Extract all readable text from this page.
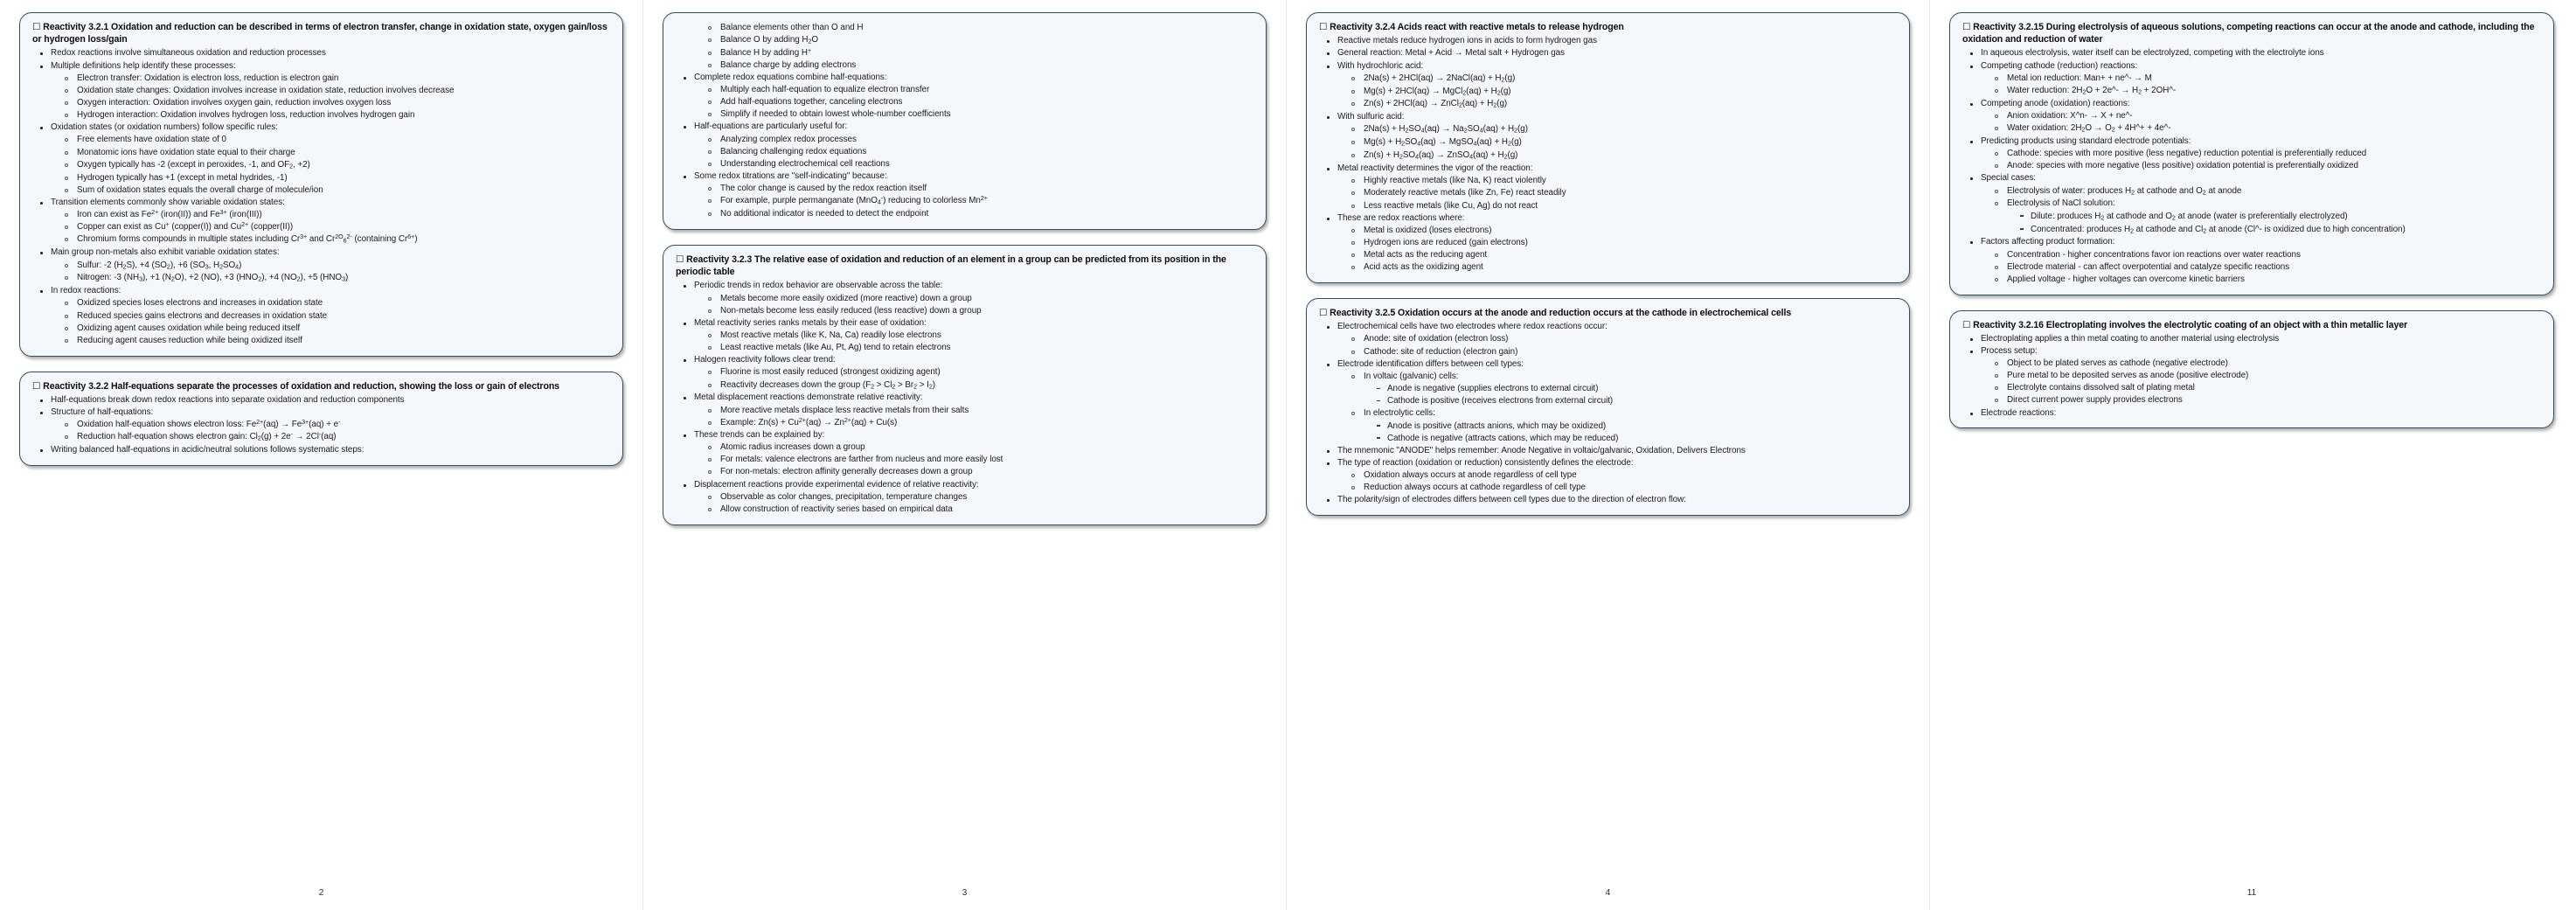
☐ Reactivity 3.2.1 Oxidation and reduction can be described in terms of electron transfer, change in oxidation state, oxygen gain/loss or hydrogen loss/gain
Redox reactions involve simultaneous oxidation and reduction processes
Multiple definitions help identify these processes:
Electron transfer: Oxidation is electron loss, reduction is electron gain
Oxidation state changes: Oxidation involves increase in oxidation state, reduction involves decrease
Oxygen interaction: Oxidation involves oxygen gain, reduction involves oxygen loss
Hydrogen interaction: Oxidation involves hydrogen loss, reduction involves hydrogen gain
Oxidation states (or oxidation numbers) follow specific rules:
Free elements have oxidation state of 0
Monatomic ions have oxidation state equal to their charge
Oxygen typically has -2 (except in peroxides, -1, and $OF_2$, +2)
Hydrogen typically has +1 (except in metal hydrides, -1)
Sum of oxidation states equals the overall charge of molecule/ion
Transition elements commonly show variable oxidation states:
Iron can exist as $Fe^{2+}$ (iron(II)) and $Fe^{3+}$ (iron(III))
Copper can exist as Cu+ (copper(I)) and $Cu^{2+}$ (copper(II))
Chromium forms compounds in multiple states including $Cr^{3+}$ and $Cr^{2O}_6^{2-}$ (containing $Cr^{6+}$)
Main group non-metals also exhibit variable oxidation states:
Sulfur: -2 $(H_2S)$, +4 $(SO_2)$, +6 ($SO_3$, $H_2SO_4$)
Nitrogen: -3 $(NH_3)$, +1 $(N_2O)$, +2 (NO), +3 $(HNO_2)$, +4 $(NO_2)$, +5 $(HNO_3)$
In redox reactions:
Oxidized species loses electrons and increases in oxidation state
Reduced species gains electrons and decreases in oxidation state
Oxidizing agent causes oxidation while being reduced itself
Reducing agent causes reduction while being oxidized itself
☐ Reactivity 3.2.2 Half-equations separate the processes of oxidation and reduction, showing the loss or gain of electrons
Half-equations break down redox reactions into separate oxidation and reduction components
Structure of half-equations:
Oxidation half-equation shows electron loss: $Fe^{2+}(aq) \to Fe^{3+}(aq) + e^-$
Reduction half-equation shows electron gain: $Cl_2(g) + 2e^- \to 2Cl^-(aq)$
Writing balanced half-equations in acidic/neutral solutions follows systematic steps:
2
Balance elements other than O and H
Balance O by adding $H_2O$
Balance H by adding H+
Balance charge by adding electrons
Complete redox equations combine half-equations:
Multiply each half-equation to equalize electron transfer
Add half-equations together, canceling electrons
Simplify if needed to obtain lowest whole-number coefficients
Half-equations are particularly useful for:
Analyzing complex redox processes
Balancing challenging redox equations
Understanding electrochemical cell reactions
Some redox titrations are "self-indicating" because:
The color change is caused by the redox reaction itself
For example, purple permanganate (MnO$_4$-) reducing to colorless $Mn^{2+}$
No additional indicator is needed to detect the endpoint
☐ Reactivity 3.2.3 The relative ease of oxidation and reduction of an element in a group can be predicted from its position in the periodic table
Periodic trends in redox behavior are observable across the table:
Metals become more easily oxidized (more reactive) down a group
Non-metals become less easily reduced (less reactive) down a group
Metal reactivity series ranks metals by their ease of oxidation:
Most reactive metals (like K, Na, Ca) readily lose electrons
Least reactive metals (like Au, Pt, Ag) tend to retain electrons
Halogen reactivity follows clear trend:
Fluorine is most easily reduced (strongest oxidizing agent)
Reactivity decreases down the group $(F_2 > Cl_2 > Br_2 > I_2)$
Metal displacement reactions demonstrate relative reactivity:
More reactive metals displace less reactive metals from their salts
Example: $Zn(s) + Cu^{2+}(aq) \to Zn^{2+}(aq) + Cu(s)$
These trends can be explained by:
Atomic radius increases down a group
For metals: valence electrons are farther from nucleus and more easily lost
For non-metals: electron affinity generally decreases down a group
Displacement reactions provide experimental evidence of relative reactivity:
Observable as color changes, precipitation, temperature changes
Allow construction of reactivity series based on empirical data
3
☐ Reactivity 3.2.4 Acids react with reactive metals to release hydrogen
Reactive metals reduce hydrogen ions in acids to form hydrogen gas
General reaction: Metal + Acid → Metal salt + Hydrogen gas
With hydrochloric acid:
2Na(s) + 2HCl(aq) → 2NaCl(aq) + $H_2(g)$
Mg(s) + 2HCl(aq) → MgCl$_2$(aq) + $H_2(g)$
Zn(s) + 2HCl(aq) → ZnCl$_2$(aq) + $H_2(g)$
With sulfuric acid:
$2Na(s) + H_2SO_4(aq) \to Na_2SO_4(aq) + H_2(g)$
$Mg(s) + H_2SO_4(aq)$ → MgSO$_4$(aq) + $H_2(g)$
$Zn(s) + H_2SO_4(aq)$ → ZnSO$_4$(aq) + $H_2(g)$
Metal reactivity determines the vigor of the reaction:
Highly reactive metals (like Na, K) react violently
Moderately reactive metals (like Zn, Fe) react steadily
Less reactive metals (like Cu, Ag) do not react
These are redox reactions where:
Metal is oxidized (loses electrons)
Hydrogen ions are reduced (gain electrons)
Metal acts as the reducing agent
Acid acts as the oxidizing agent
☐ Reactivity 3.2.5 Oxidation occurs at the anode and reduction occurs at the cathode in electrochemical cells
Electrochemical cells have two electrodes where redox reactions occur:
Anode: site of oxidation (electron loss)
Cathode: site of reduction (electron gain)
Electrode identification differs between cell types:
In voltaic (galvanic) cells:
Anode is negative (supplies electrons to external circuit)
Cathode is positive (receives electrons from external circuit)
In electrolytic cells:
Anode is positive (attracts anions, which may be oxidized)
Cathode is negative (attracts cations, which may be reduced)
The mnemonic "ANODE" helps remember: Anode Negative in voltaic/galvanic, Oxidation, Delivers Electrons
The type of reaction (oxidation or reduction) consistently defines the electrode:
Oxidation always occurs at anode regardless of cell type
Reduction always occurs at cathode regardless of cell type
The polarity/sign of electrodes differs between cell types due to the direction of electron flow:
4
☐ Reactivity 3.2.15 During electrolysis of aqueous solutions, competing reactions can occur at the anode and cathode, including the oxidation and reduction of water
In aqueous electrolysis, water itself can be electrolyzed, competing with the electrolyte ions
Competing cathode (reduction) reactions:
Metal ion reduction: Man+ + ne^- → M
Water reduction: $2H_2O$ + 2e^- → $H_2$ + 2OH^-
Competing anode (oxidation) reactions:
Anion oxidation: X^n- → X + ne^-
Water oxidation: $2H_2O \to O_2$ + 4H^+ + 4e^-
Predicting products using standard electrode potentials:
Cathode: species with more positive (less negative) reduction potential is preferentially reduced
Anode: species with more negative (less positive) oxidation potential is preferentially oxidized
Special cases:
Electrolysis of water: produces $H_2$ at cathode and $O_2$ at anode
Electrolysis of NaCl solution:
Dilute: produces $H_2$ at cathode and $O_2$ at anode (water is preferentially electrolyzed)
Concentrated: produces $H_2$ at cathode and $Cl_2$ at anode (Cl^- is oxidized due to high concentration)
Factors affecting product formation:
Concentration - higher concentrations favor ion reactions over water reactions
Electrode material - can affect overpotential and catalyze specific reactions
Applied voltage - higher voltages can overcome kinetic barriers
☐ Reactivity 3.2.16 Electroplating involves the electrolytic coating of an object with a thin metallic layer
Electroplating applies a thin metal coating to another material using electrolysis
Process setup:
Object to be plated serves as cathode (negative electrode)
Pure metal to be deposited serves as anode (positive electrode)
Electrolyte contains dissolved salt of plating metal
Direct current power supply provides electrons
Electrode reactions:
11
